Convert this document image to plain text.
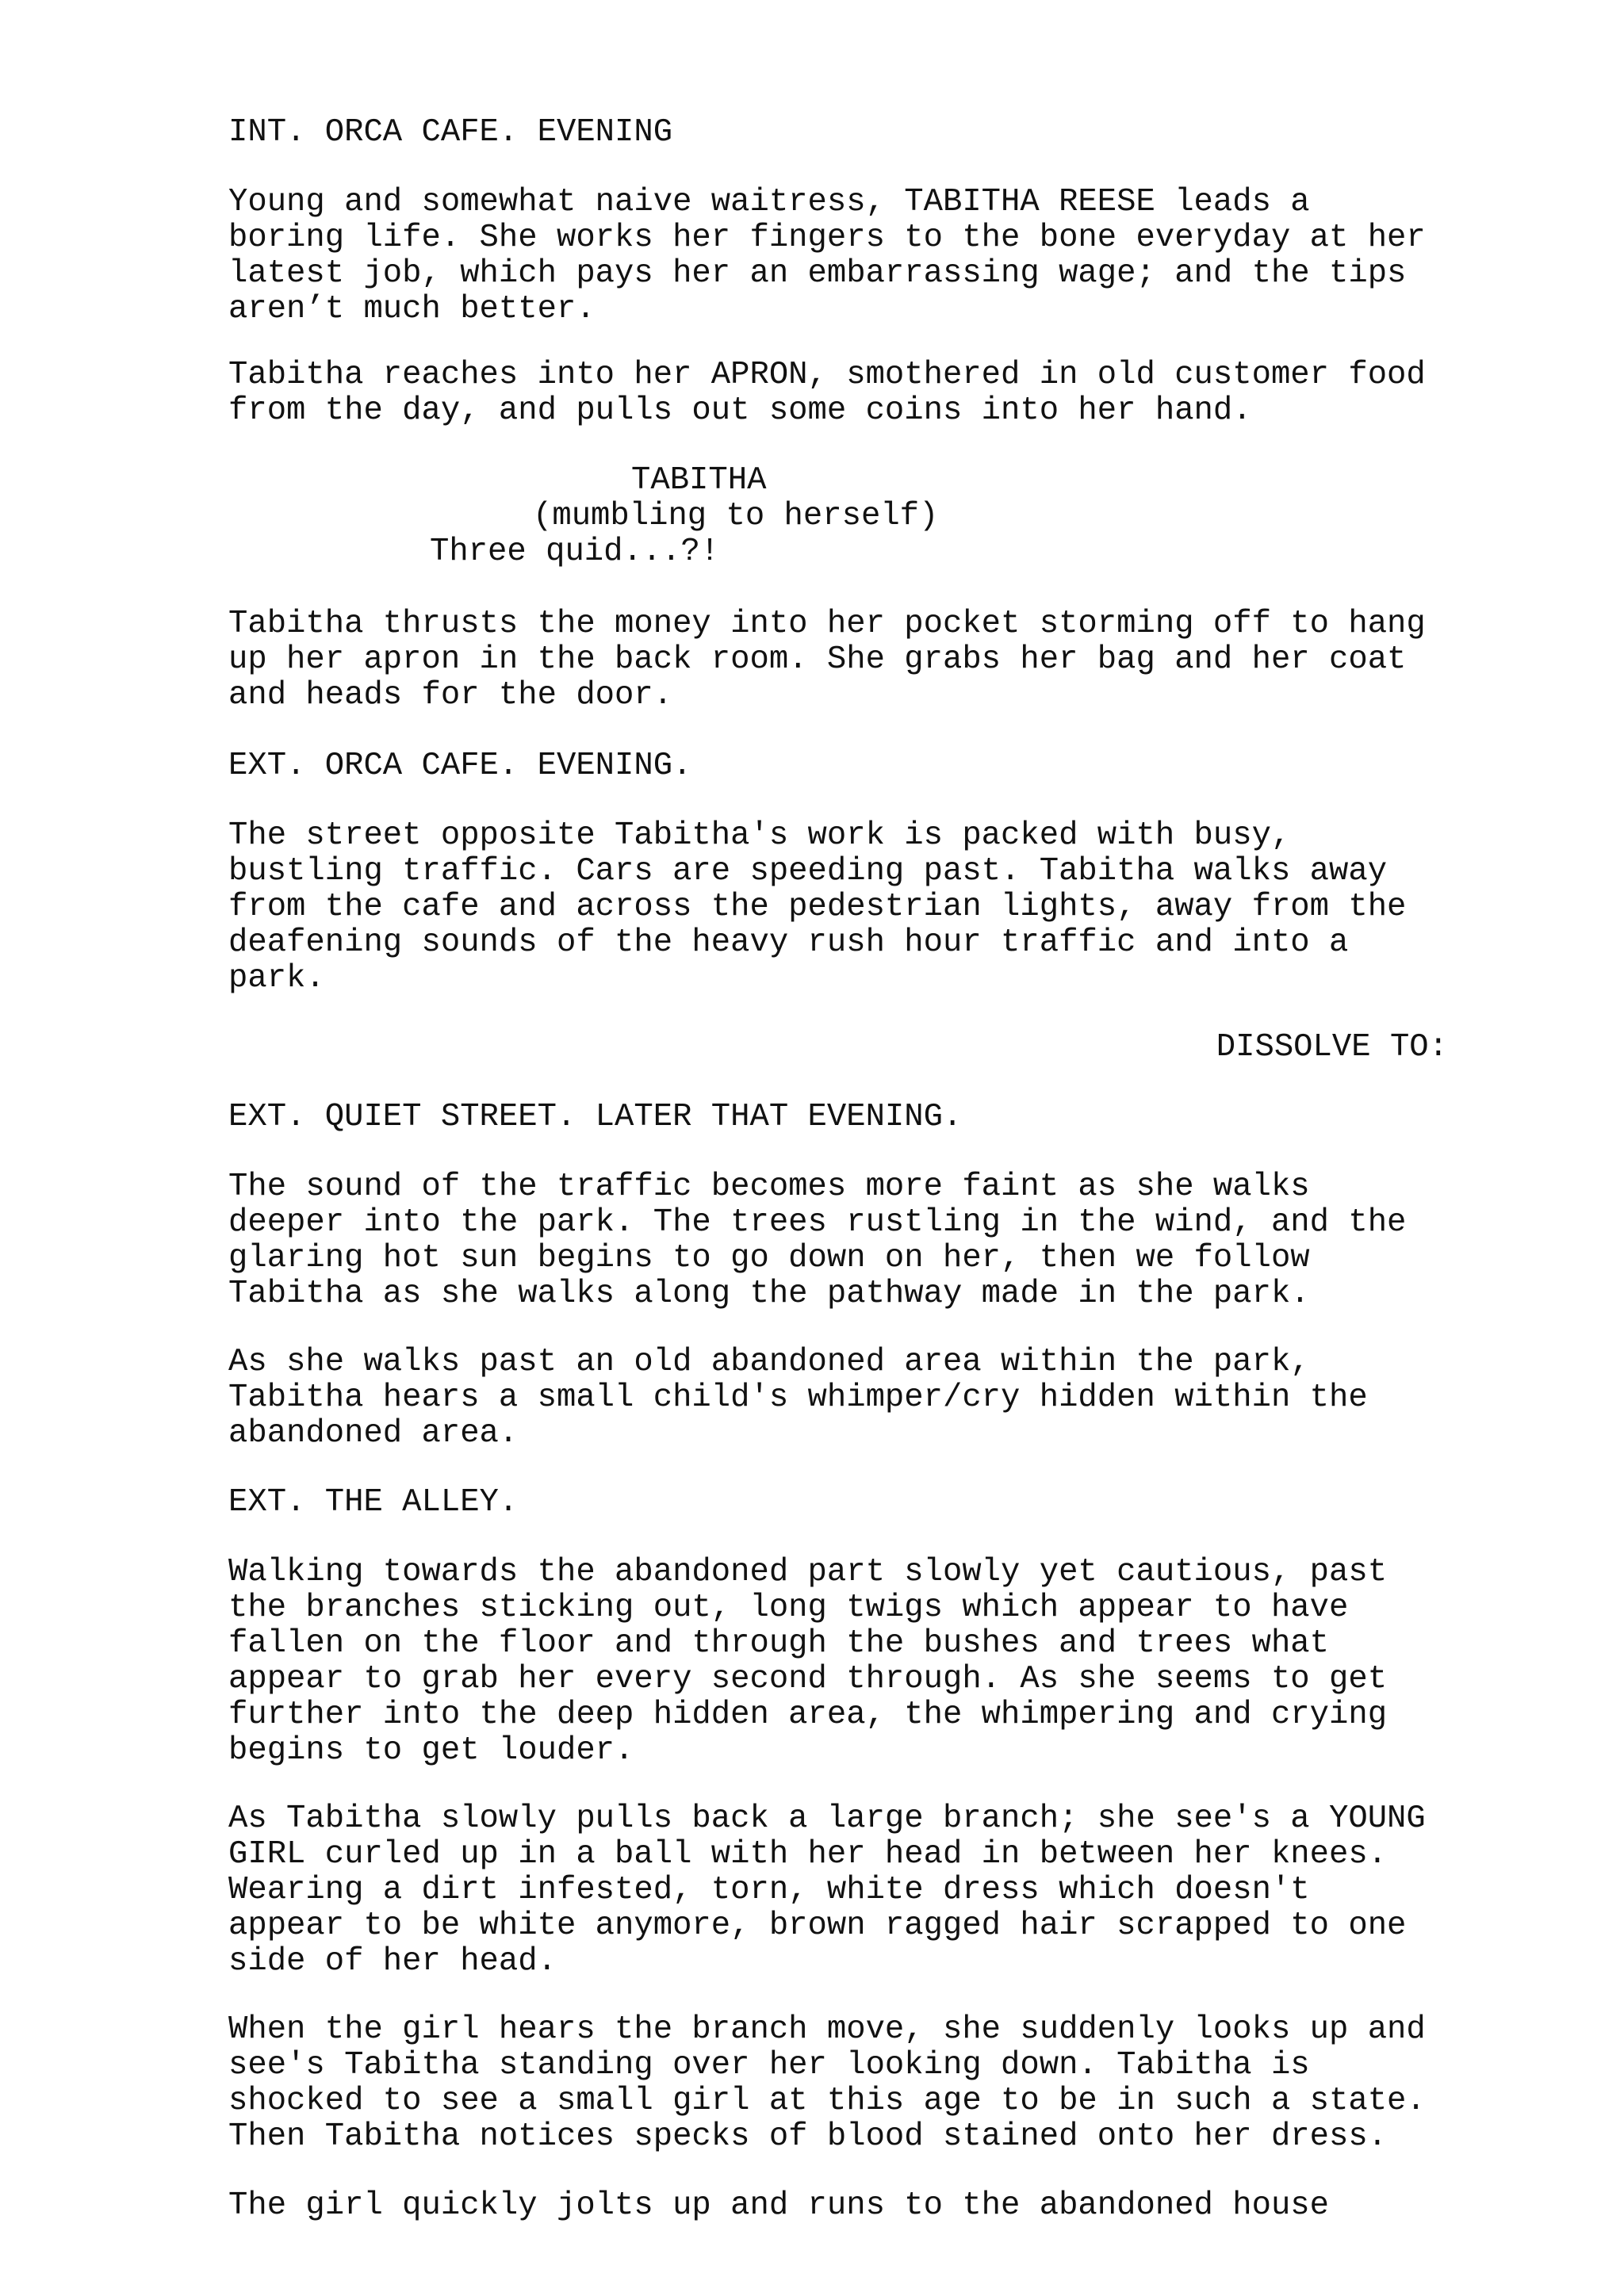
INT. ORCA CAFE. EVENING
Young and somewhat naive waitress, TABITHA REESE leads a
boring life. She works her fingers to the bone everyday at her
latest job, which pays her an embarrassing wage; and the tips
aren’t much better.
Tabitha reaches into her APRON, smothered in old customer food
from the day, and pulls out some coins into her hand.
TABITHA
(mumbling to herself)
Three quid...?!
Tabitha thrusts the money into her pocket storming off to hang
up her apron in the back room. She grabs her bag and her coat
and heads for the door.
EXT. ORCA CAFE. EVENING.
The street opposite Tabitha's work is packed with busy,
bustling traffic. Cars are speeding past. Tabitha walks away
from the cafe and across the pedestrian lights, away from the
deafening sounds of the heavy rush hour traffic and into a
park.
DISSOLVE TO:
EXT. QUIET STREET. LATER THAT EVENING.
The sound of the traffic becomes more faint as she walks
deeper into the park. The trees rustling in the wind, and the
glaring hot sun begins to go down on her, then we follow
Tabitha as she walks along the pathway made in the park.
As she walks past an old abandoned area within the park,
Tabitha hears a small child's whimper/cry hidden within the
abandoned area.
EXT. THE ALLEY.
Walking towards the abandoned part slowly yet cautious, past
the branches sticking out, long twigs which appear to have
fallen on the floor and through the bushes and trees what
appear to grab her every second through. As she seems to get
further into the deep hidden area, the whimpering and crying
begins to get louder.
As Tabitha slowly pulls back a large branch; she see's a YOUNG
GIRL curled up in a ball with her head in between her knees.
Wearing a dirt infested, torn, white dress which doesn't
appear to be white anymore, brown ragged hair scrapped to one
side of her head.
When the girl hears the branch move, she suddenly looks up and
see's Tabitha standing over her looking down. Tabitha is
shocked to see a small girl at this age to be in such a state.
Then Tabitha notices specks of blood stained onto her dress.
The girl quickly jolts up and runs to the abandoned house
